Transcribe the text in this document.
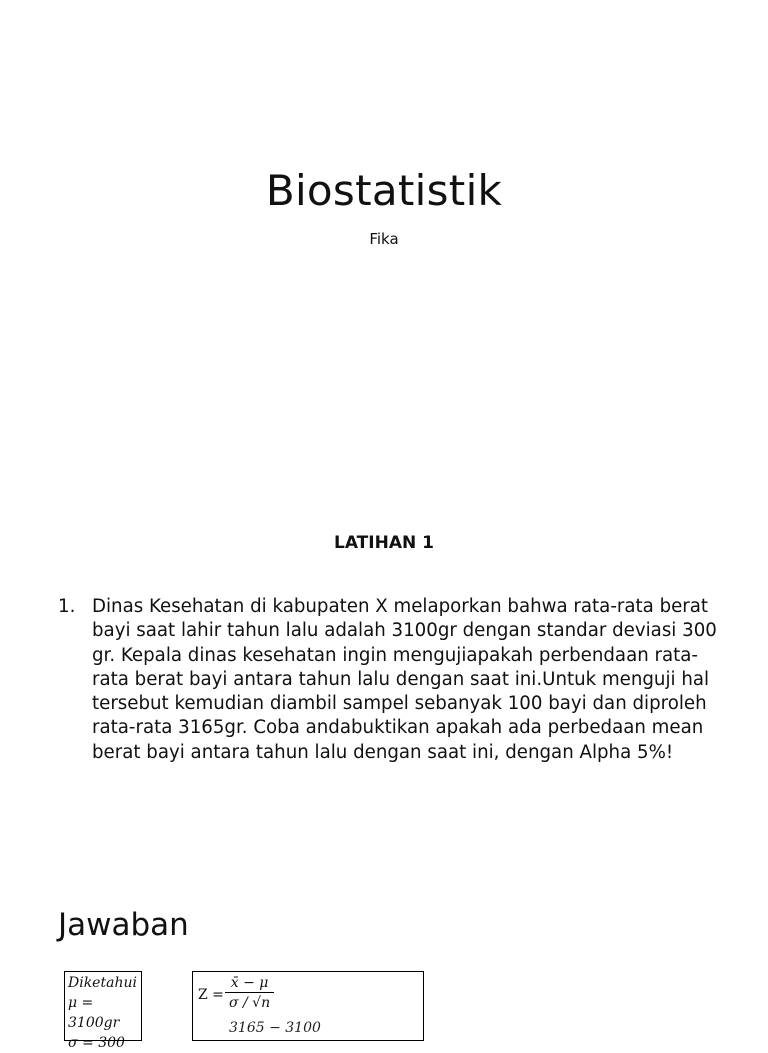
Biostatistik

Fika

LATIHAN 1
1. Dinas Kesehatan di kabupaten X melaporkan bahwa rata-rata berat bayi saat lahir tahun lalu adalah 3100gr dengan standar deviasi 300 gr. Kepala dinas kesehatan ingin mengujiapakah perbendaan rata-rata berat bayi antara tahun lalu dengan saat ini.Untuk menguji hal tersebut kemudian diambil sampel sebanyak 100 bayi dan diproleh rata-rata 3165gr. Coba andabuktikan apakah ada perbedaan mean berat bayi antara tahun lalu dengan saat ini, dengan Alpha 5%!
Jawaban
Diketahui
μ = 3100gr
σ = 300
$Z = \frac{x̄ - \mu}{\sigma / √n}$
3165 − 3100
